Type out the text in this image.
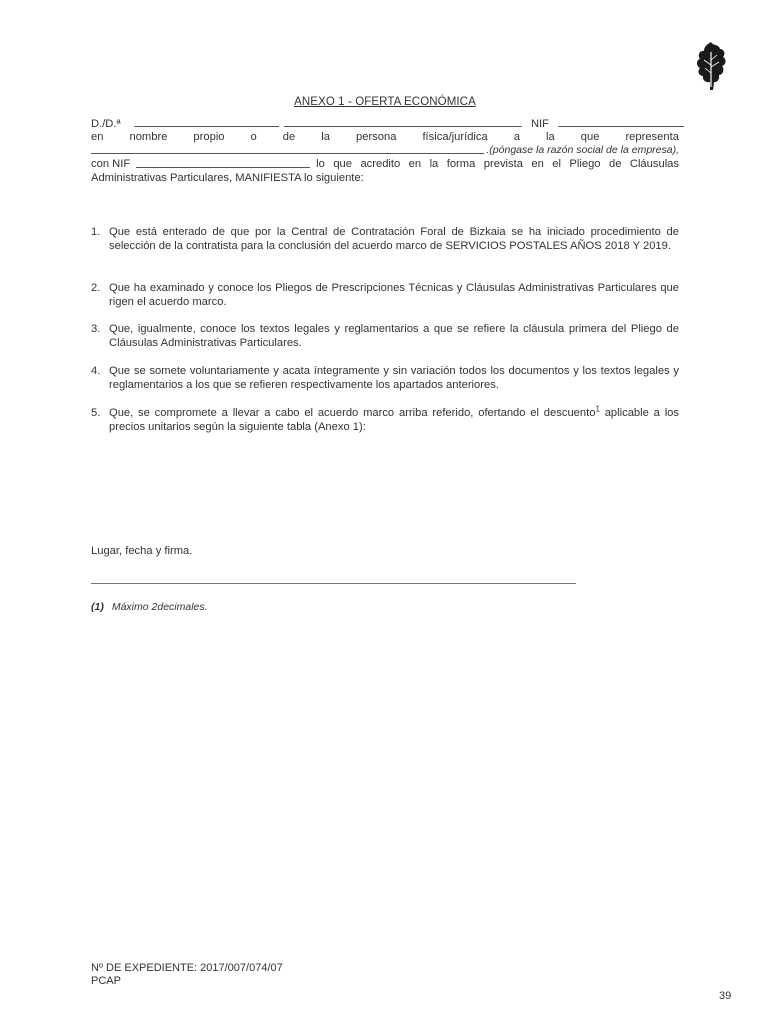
ANEXO 1 - OFERTA ECONÓMICA
D./D.ª	NIF
en nombre propio o de la persona física/jurídica a la que representa
.(póngase la razón social de la empresa),
con NIF	lo que acredito en la forma prevista en el Pliego de Cláusulas
Administrativas Particulares, MANIFIESTA lo siguiente:
1. Que está enterado de que por la Central de Contratación Foral de Bizkaia se ha iniciado procedimiento de selección de la contratista para la conclusión del acuerdo marco de SERVICIOS POSTALES AÑOS 2018 Y 2019.
2. Que ha examinado y conoce los Pliegos de Prescripciones Técnicas y Cláusulas Administrativas Particulares que rigen el acuerdo marco.
3. Que, igualmente, conoce los textos legales y reglamentarios a que se refiere la cláusula primera del Pliego de Cláusulas Administrativas Particulares.
4. Que se somete voluntariamente y acata íntegramente y sin variación todos los documentos y los textos legales y reglamentarios a los que se refieren respectivamente los apartados anteriores.
5. Que, se compromete a llevar a cabo el acuerdo marco arriba referido, ofertando el descuento$^1$ aplicable a los precios unitarios según la siguiente tabla (Anexo 1):
Lugar, fecha y firma.
(1) Máximo 2decimales.
Nº DE EXPEDIENTE: 2017/007/074/07
PCAP
39
